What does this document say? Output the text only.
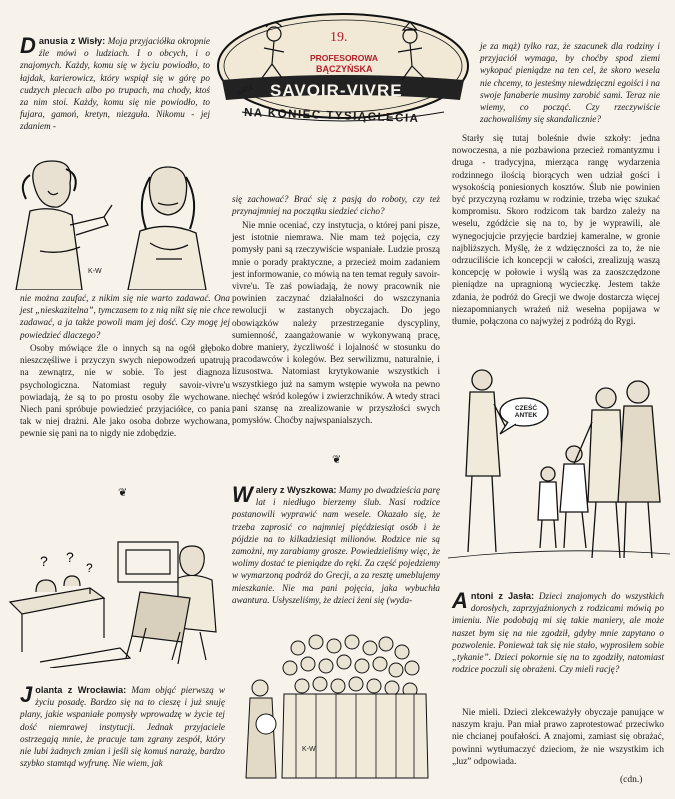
19.
PROFESOROWA
BĄCZYŃSKA
BĄCZ SAVOIR-VIVRE
NA KONIEC TYSIĄCLECIA

Danusia z Wisły: Moja przyjaciółka okropnie źle mówi o ludziach. I o obcych, i o znajomych. Każdy, komu się w życiu powiodło, to łajdak, karierowicz, który wspiął się w górę po cudzych plecach albo po trupach, ma chody, ktoś za nim stoi. Każdy, komu się nie powiodło, to fujara, gamoń, kretyn, niezguła. Nikomu - jej zdaniem -

K-W

nie można zaufać, z nikim się nie warto zadawać. Ona jest „nieskazitelna”, tymczasem to z nią nikt się nie chce zadawać, a ja także powoli mam jej dość. Czy mogę jej powiedzieć dlaczego?

Osoby mówiące źle o innych są na ogół głęboko nieszczęśliwe i przyczyn swych niepowodzeń upatrują na zewnątrz, nie w sobie. To jest diagnoza psychologiczna. Natomiast reguły savoir-vivre'u powiadają, że są to po prostu osoby źle wychowane. Niech pani spróbuje powiedzieć przyjaciółce, co pania tak w niej drażni. Ale jako osoba dobrze wychowana, pewnie się pani na to nigdy nie zdobędzie.

❦
? ?
?

Jolanta z Wrocławia: Mam objąć pierwszą w życiu posadę. Bardzo się na to cieszę i już snuję plany, jakie wspaniałe pomysły wprowadzę w życie tej dość niemrawej instytucji. Jednak przyjaciele ostrzegają mnie, że pracuje tam zgrany zespół, który nie lubi żadnych zmian i jeśli się komuś narażę, bardzo szybko stamtąd wyfrunę. Nie wiem, jak

się zachować? Brać się z pasją do roboty, czy też przynajmniej na początku siedzieć cicho?

Nie mnie oceniać, czy instytucja, o której pani pisze, jest istotnie niemrawa. Nie mam też pojęcia, czy pomysły pani są rzeczywiście wspaniałe. Ludzie proszą mnie o porady praktyczne, a przecież moim zadaniem jest informowanie, co mówią na ten temat reguły savoir-vivre'u. Te zaś powiadają, że nowy pracownik nie powinien zaczynać działalności do wszczynania rewolucji w zastanych obyczajach. Do jego obowiązków należy przestrzeganie dyscypliny, sumienność, zaangażowanie w wykonywaną pracę, dobre maniery, życzliwość i lojalność w stosunku do pracodawców i kolegów. Bez serwilizmu, naturalnie, i lizusostwa. Natomiast krytykowanie wszystkich i wszystkiego już na samym wstępie wywoła na pewno niechęć wśród kolegów i zwierzchników. A wtedy straci pani szansę na zrealizowanie w przyszłości swych pomysłów. Choćby najwspanialszych.

❦

Walery z Wyszkowa: Mamy po dwadzieścia parę lat i niedługo bierzemy ślub. Nasi rodzice postanowili wyprawić nam wesele. Okazało się, że trzeba zaprosić co najmniej pięćdziesiąt osób i że pójdzie na to kilkadziesiąt milionów. Rodzice nie są zamożni, my zarabiamy grosze. Powiedzieliśmy więc, że wolimy dostać te pieniądze do ręki. Za część pojedziemy w wymarzoną podróż do Grecji, a za resztę umeblujemy mieszkanie. Nie ma pani pojęcia, jaka wybuchła awantura. Usłyszeliśmy, że dzieci żeni się (wyda-

K-W

je za mąż) tylko raz, że szacunek dla rodziny i przyjaciół wymaga, by choćby spod ziemi wykopać pieniądze na ten cel, że skoro wesela nie chcemy, to jesteśmy niewdzięczni egoiści i na swoje fanaberie musimy zarobić sami. Teraz nie wiemy, co począć. Czy rzeczywiście zachowaliśmy się skandalicznie?

Starły się tutaj boleśnie dwie szkoły: jedna nowoczesna, a nie pozbawiona przecież romantyzmu i druga - tradycyjna, mierząca rangę wydarzenia rodzinnego ilością biorących wen udział gości i wysokością poniesionych kosztów. Ślub nie powinien być przyczyną rozłamu w rodzinie, trzeba więc szukać kompromisu. Skoro rodzicom tak bardzo zależy na weselu, zgódźcie się na to, by je wyprawili, ale wynegocjujcie przyjęcie bardziej kameralne, w gronie najbliższych. Myślę, że z wdzięczności za to, że nie odrzuciliście ich koncepcji w całości, zrealizują waszą koncepcję w połowie i wyślą was za zaoszczędzone pieniądze na upragnioną wycieczkę. Jestem także zdania, że podróż do Grecji we dwoje dostarcza więcej niezapomnianych wrażeń niż wesełna popijawa w tłumie, połączona co najwyżej z podróżą do Rygi.

CZEŚĆ ANTEK

Antoni z Jasła: Dzieci znajomych do wszystkich dorosłych, zaprzyjaźnionych z rodzicami mówią po imieniu. Nie podobają mi się takie maniery, ale może naszet bym się na nie zgodził, gdyby mnie zapytano o pozwolenie. Ponieważ tak się nie stało, wyprosiłem sobie „tykanie”. Dzieci pokornie się na to zgodziły, natomiast rodzice poczuli się obrażeni. Czy mieli rację?

Nie mieli. Dzieci zlekceważyły obyczaje panujące w naszym kraju. Pan miał prawo zaprotestować przeciwko nie chcianej poufałości. A znajomi, zamiast się obrażać, powinni wytłumaczyć dzieciom, że nie wszystkim ich „luz” odpowiada.

(cdn.)
